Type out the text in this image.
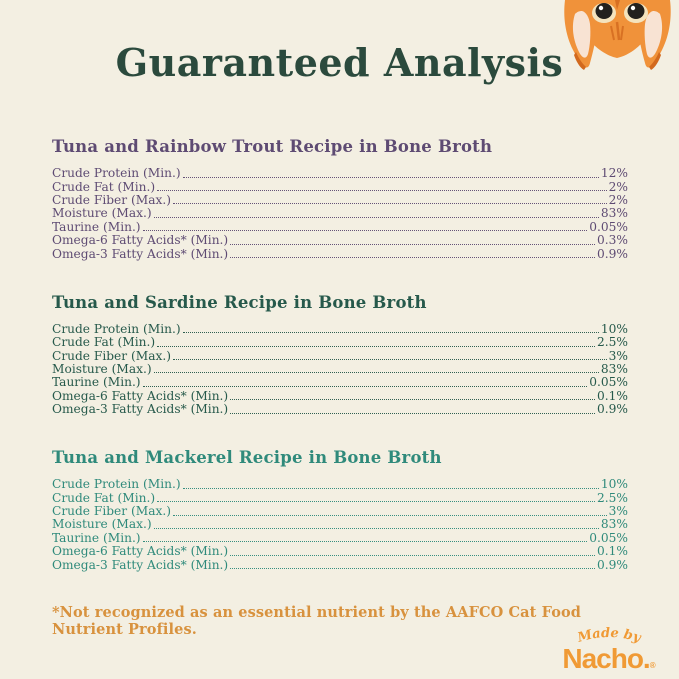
Guaranteed Analysis
Tuna and Rainbow Trout Recipe in Bone Broth
Crude Protein (Min.)	12%
Crude Fat (Min.)	2%
Crude Fiber (Max.)	2%
Moisture (Max.)	83%
Taurine (Min.)	0.05%
Omega-6 Fatty Acids* (Min.)	0.3%
Omega-3 Fatty Acids* (Min.)	0.9%
Tuna and Sardine Recipe in Bone Broth
Crude Protein (Min.)	10%
Crude Fat (Min.)	2.5%
Crude Fiber (Max.)	3%
Moisture (Max.)	83%
Taurine (Min.)	0.05%
Omega-6 Fatty Acids* (Min.)	0.1%
Omega-3 Fatty Acids* (Min.)	0.9%
Tuna and Mackerel Recipe in Bone Broth
Crude Protein (Min.)	10%
Crude Fat (Min.)	2.5%
Crude Fiber (Max.)	3%
Moisture (Max.)	83%
Taurine (Min.)	0.05%
Omega-6 Fatty Acids* (Min.)	0.1%
Omega-3 Fatty Acids* (Min.)	0.9%

*Not recognized as an essential nutrient by the AAFCO Cat Food Nutrient Profiles.	Made by
Nacho.®
